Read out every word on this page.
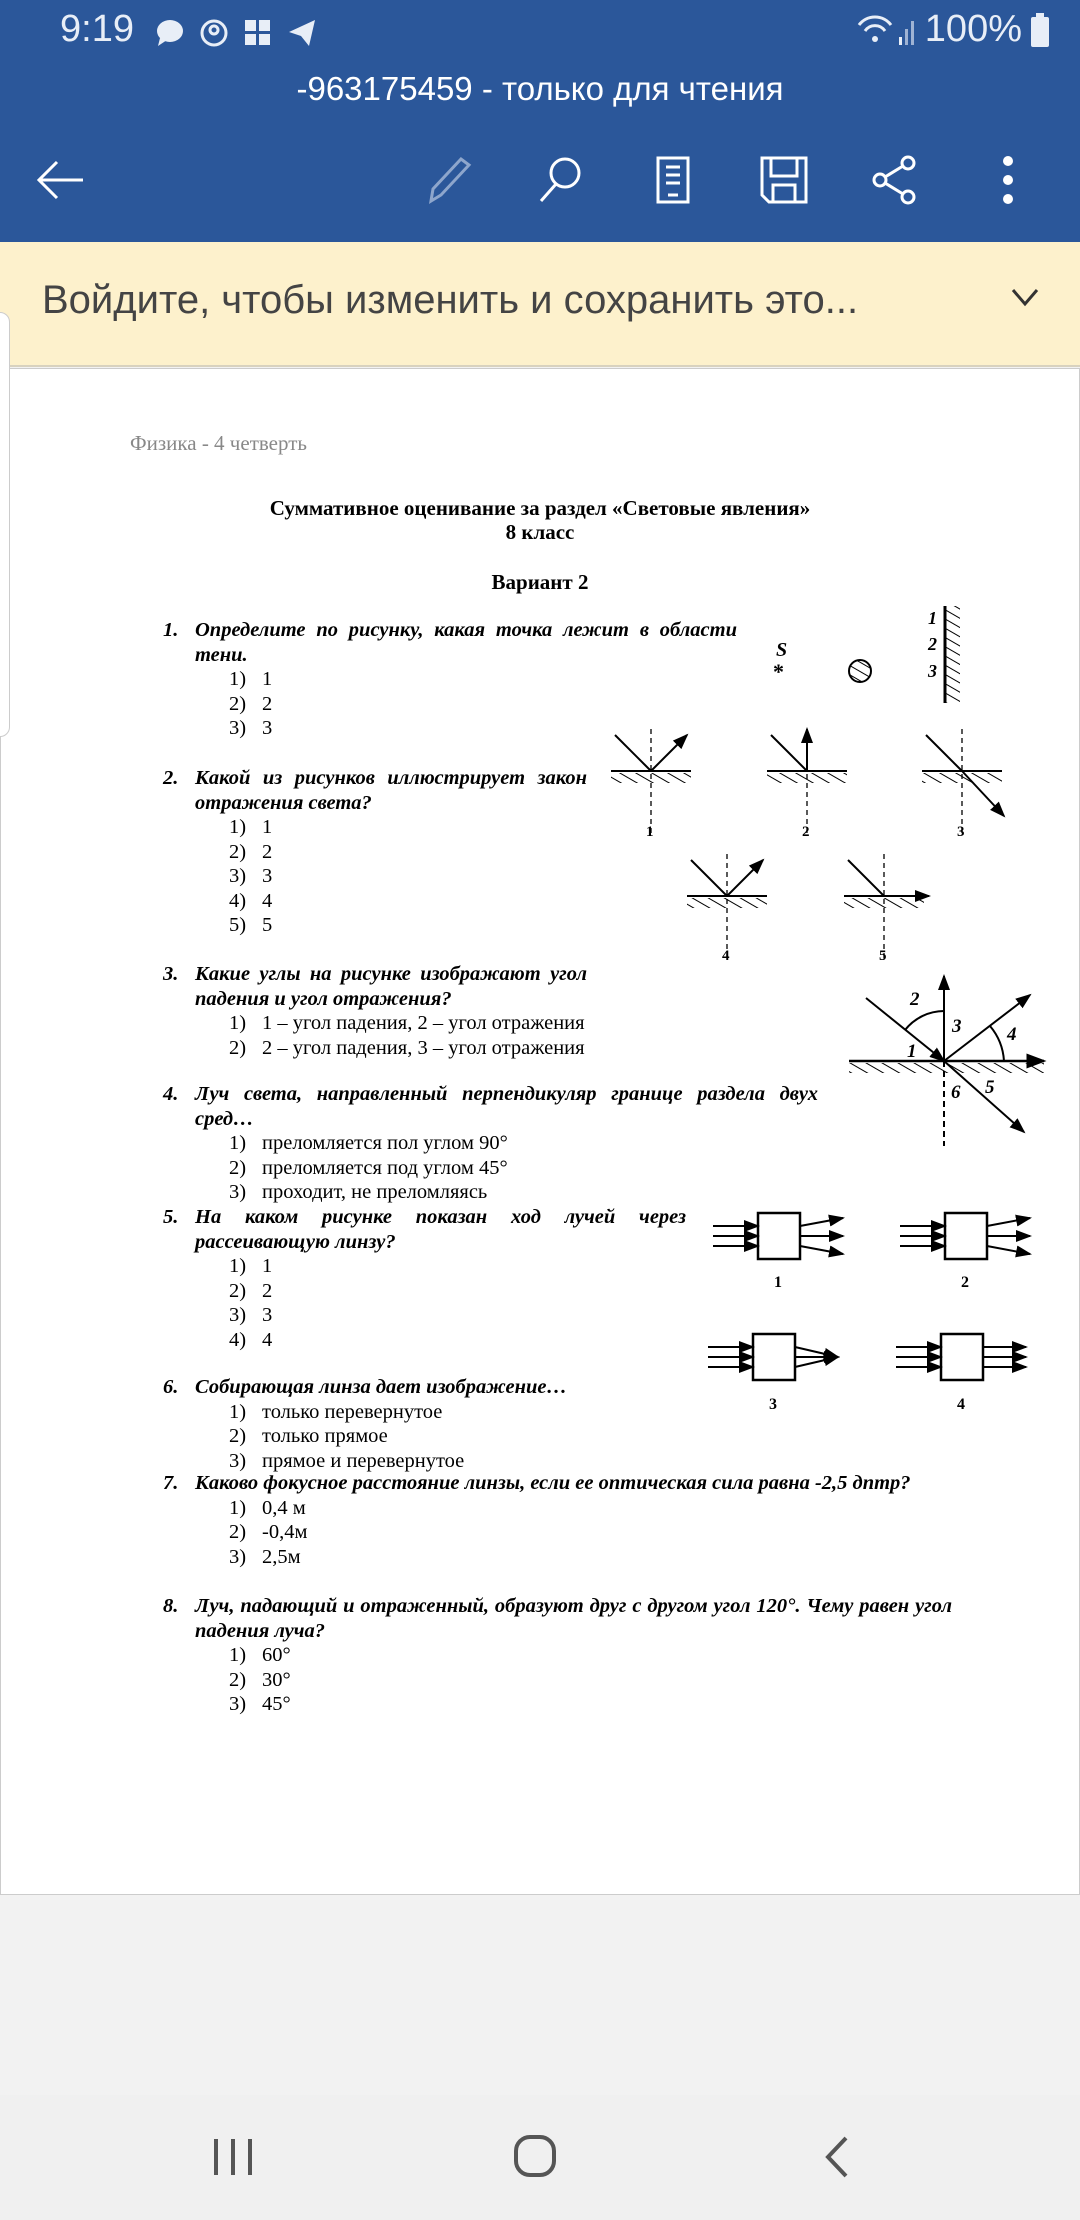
9:19	100%
-963175459 - только для чтения
Войдите, чтобы изменить и сохранить это...
Физика - 4 четверть
Суммативное оценивание за раздел «Световые явления»
8 класс
Вариант 2
1. Определите по рисунку, какая точка лежит в области тени.
1) 1
2) 2
3) 3
2. Какой из рисунков иллюстрирует закон отражения света?
1) 1
2) 2
3) 3
4) 4
5) 5
3. Какие углы на рисунке изображают угол падения и угол отражения?
1) 1 – угол падения, 2 – угол отражения
2) 2 – угол падения, 3 – угол отражения
4. Луч света, направленный перпендикуляр границе раздела двух сред…
1) преломляется пол углом 90°
2) преломляется под углом 45°
3) проходит, не преломляясь
5. На каком рисунке показан ход лучей через рассеивающую линзу?
1) 1
2) 2
3) 3
4) 4
6. Собирающая линза дает изображение…
1) только перевернутое
2) только прямое
3) прямое и перевернутое
7. Каково фокусное расстояние линзы, если ее оптическая сила равна -2,5 дптр?
1) 0,4 м
2) -0,4м
3) 2,5м
8. Луч, падающий и отраженный, образуют друг с другом угол 120°. Чему равен угол падения луча?
1) 60°
2) 30°
3) 45°
S
*
1
2
3
1	2	3
4	5
2
3 4
1
6 5
1	2
3	4
